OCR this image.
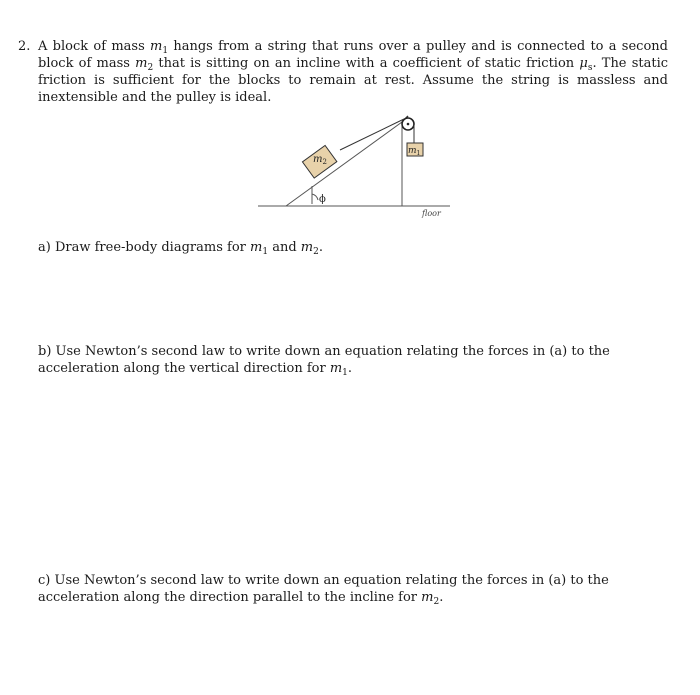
2. A block of mass $m_1$ hangs from a string that runs over a pulley and is connected to a second block of mass $m_2$ that is sitting on an incline with a coefficient of static friction $\mu_s$. The static friction is sufficient for the blocks to remain at rest. Assume the string is massless and inextensible and the pulley is ideal.
$m_2$
$m_1$
ϕ
floor
a) Draw free-body diagrams for $m_1$ and $m_2$.
b) Use Newton’s second law to write down an equation relating the forces in (a) to the acceleration along the vertical direction for $m_1$.
c) Use Newton’s second law to write down an equation relating the forces in (a) to the acceleration along the direction parallel to the incline for $m_2$.
